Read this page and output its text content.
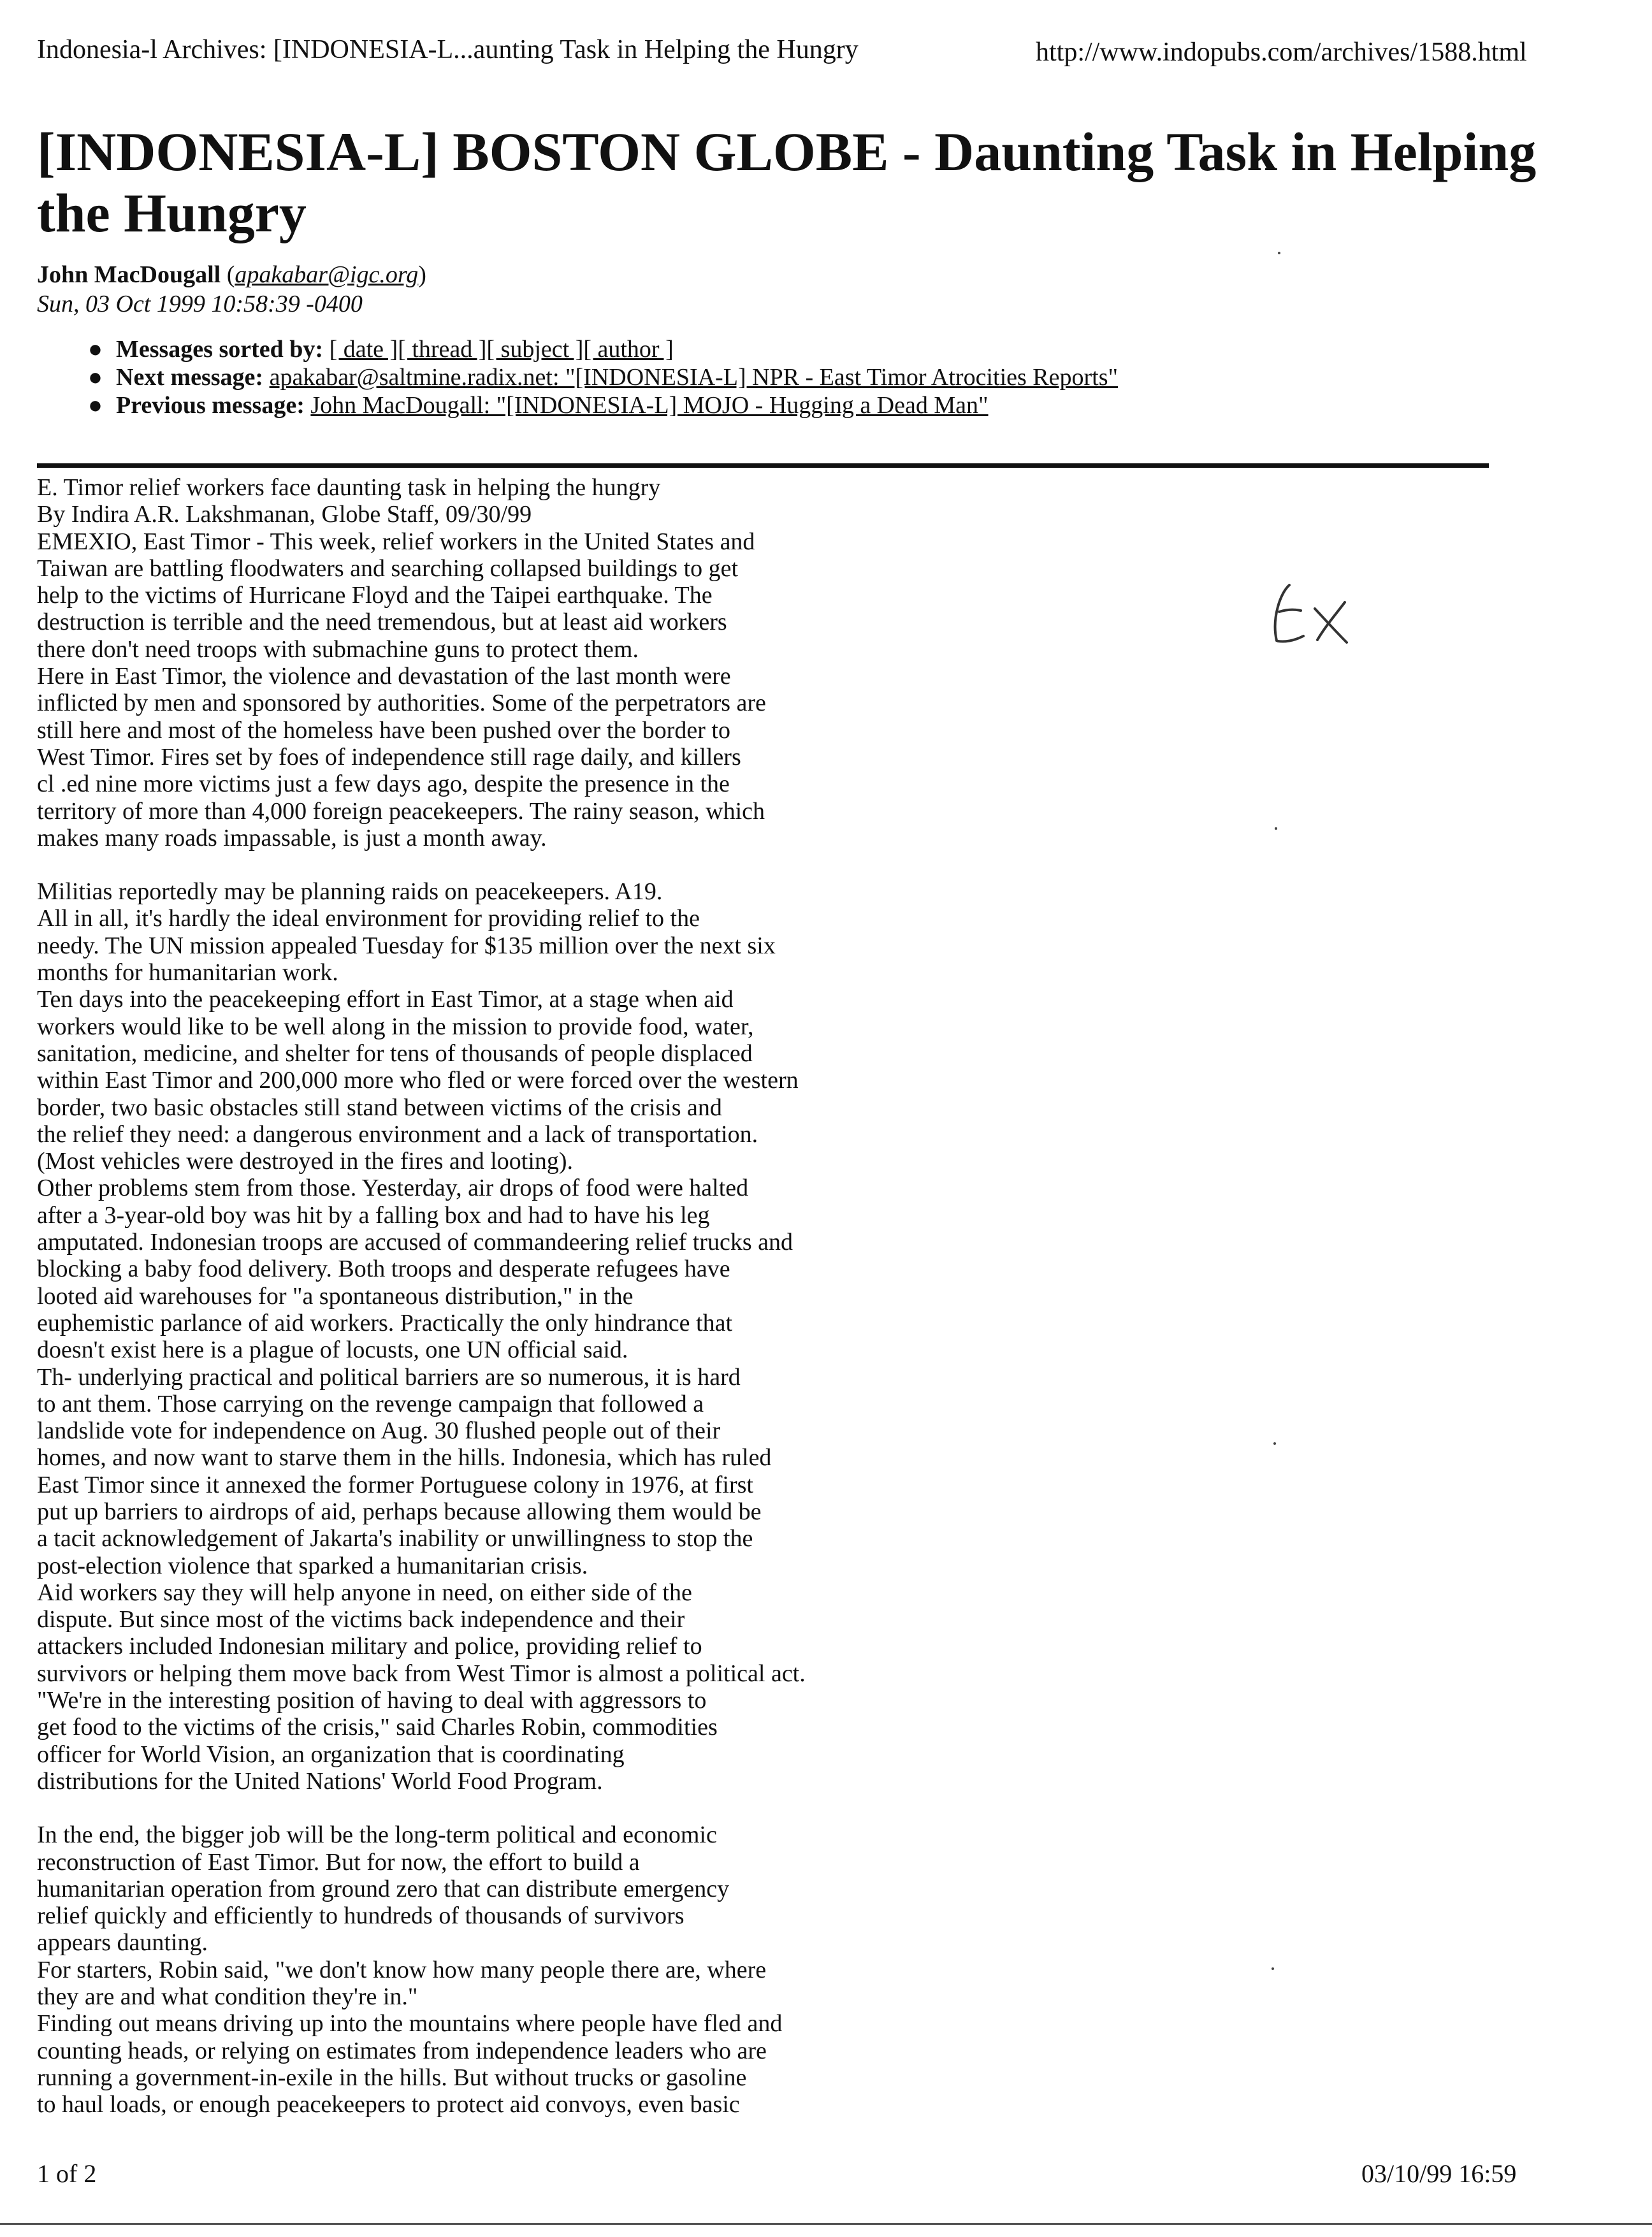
Indonesia-l Archives: [INDONESIA-L...aunting Task in Helping the Hungry	http://www.indopubs.com/archives/1588.html
[INDONESIA-L] BOSTON GLOBE - Daunting Task in Helping the Hungry
John MacDougall (apakabar@igc.org)
Sun, 03 Oct 1999 10:58:39 -0400
● Messages sorted by: [ date ][ thread ][ subject ][ author ]
● Next message: apakabar@saltmine.radix.net: "[INDONESIA-L] NPR - East Timor Atrocities Reports"
● Previous message: John MacDougall: "[INDONESIA-L] MOJO - Hugging a Dead Man"

E. Timor relief workers face daunting task in helping the hungry
By Indira A.R. Lakshmanan, Globe Staff, 09/30/99
EMEXIO, East Timor - This week, relief workers in the United States and
Taiwan are battling floodwaters and searching collapsed buildings to get
help to the victims of Hurricane Floyd and the Taipei earthquake. The
destruction is terrible and the need tremendous, but at least aid workers
there don't need troops with submachine guns to protect them.
Here in East Timor, the violence and devastation of the last month were
inflicted by men and sponsored by authorities. Some of the perpetrators are
still here and most of the homeless have been pushed over the border to
West Timor. Fires set by foes of independence still rage daily, and killers
cl .ed nine more victims just a few days ago, despite the presence in the
territory of more than 4,000 foreign peacekeepers. The rainy season, which
makes many roads impassable, is just a month away.

Militias reportedly may be planning raids on peacekeepers. A19.
All in all, it's hardly the ideal environment for providing relief to the
needy. The UN mission appealed Tuesday for $135 million over the next six
months for humanitarian work.
Ten days into the peacekeeping effort in East Timor, at a stage when aid
workers would like to be well along in the mission to provide food, water,
sanitation, medicine, and shelter for tens of thousands of people displaced
within East Timor and 200,000 more who fled or were forced over the western
border, two basic obstacles still stand between victims of the crisis and
the relief they need: a dangerous environment and a lack of transportation.
(Most vehicles were destroyed in the fires and looting).
Other problems stem from those. Yesterday, air drops of food were halted
after a 3-year-old boy was hit by a falling box and had to have his leg
amputated. Indonesian troops are accused of commandeering relief trucks and
blocking a baby food delivery. Both troops and desperate refugees have
looted aid warehouses for "a spontaneous distribution," in the
euphemistic parlance of aid workers. Practically the only hindrance that
doesn't exist here is a plague of locusts, one UN official said.
Th- underlying practical and political barriers are so numerous, it is hard
to ant them. Those carrying on the revenge campaign that followed a
landslide vote for independence on Aug. 30 flushed people out of their
homes, and now want to starve them in the hills. Indonesia, which has ruled
East Timor since it annexed the former Portuguese colony in 1976, at first
put up barriers to airdrops of aid, perhaps because allowing them would be
a tacit acknowledgement of Jakarta's inability or unwillingness to stop the
post-election violence that sparked a humanitarian crisis.
Aid workers say they will help anyone in need, on either side of the
dispute. But since most of the victims back independence and their
attackers included Indonesian military and police, providing relief to
survivors or helping them move back from West Timor is almost a political act.
"We're in the interesting position of having to deal with aggressors to
get food to the victims of the crisis," said Charles Robin, commodities
officer for World Vision, an organization that is coordinating
distributions for the United Nations' World Food Program.

In the end, the bigger job will be the long-term political and economic
reconstruction of East Timor. But for now, the effort to build a
humanitarian operation from ground zero that can distribute emergency
relief quickly and efficiently to hundreds of thousands of survivors
appears daunting.
For starters, Robin said, "we don't know how many people there are, where
they are and what condition they're in."
Finding out means driving up into the mountains where people have fled and
counting heads, or relying on estimates from independence leaders who are
running a government-in-exile in the hills. But without trucks or gasoline
to haul loads, or enough peacekeepers to protect aid convoys, even basic

1 of 2	03/10/99 16:59
